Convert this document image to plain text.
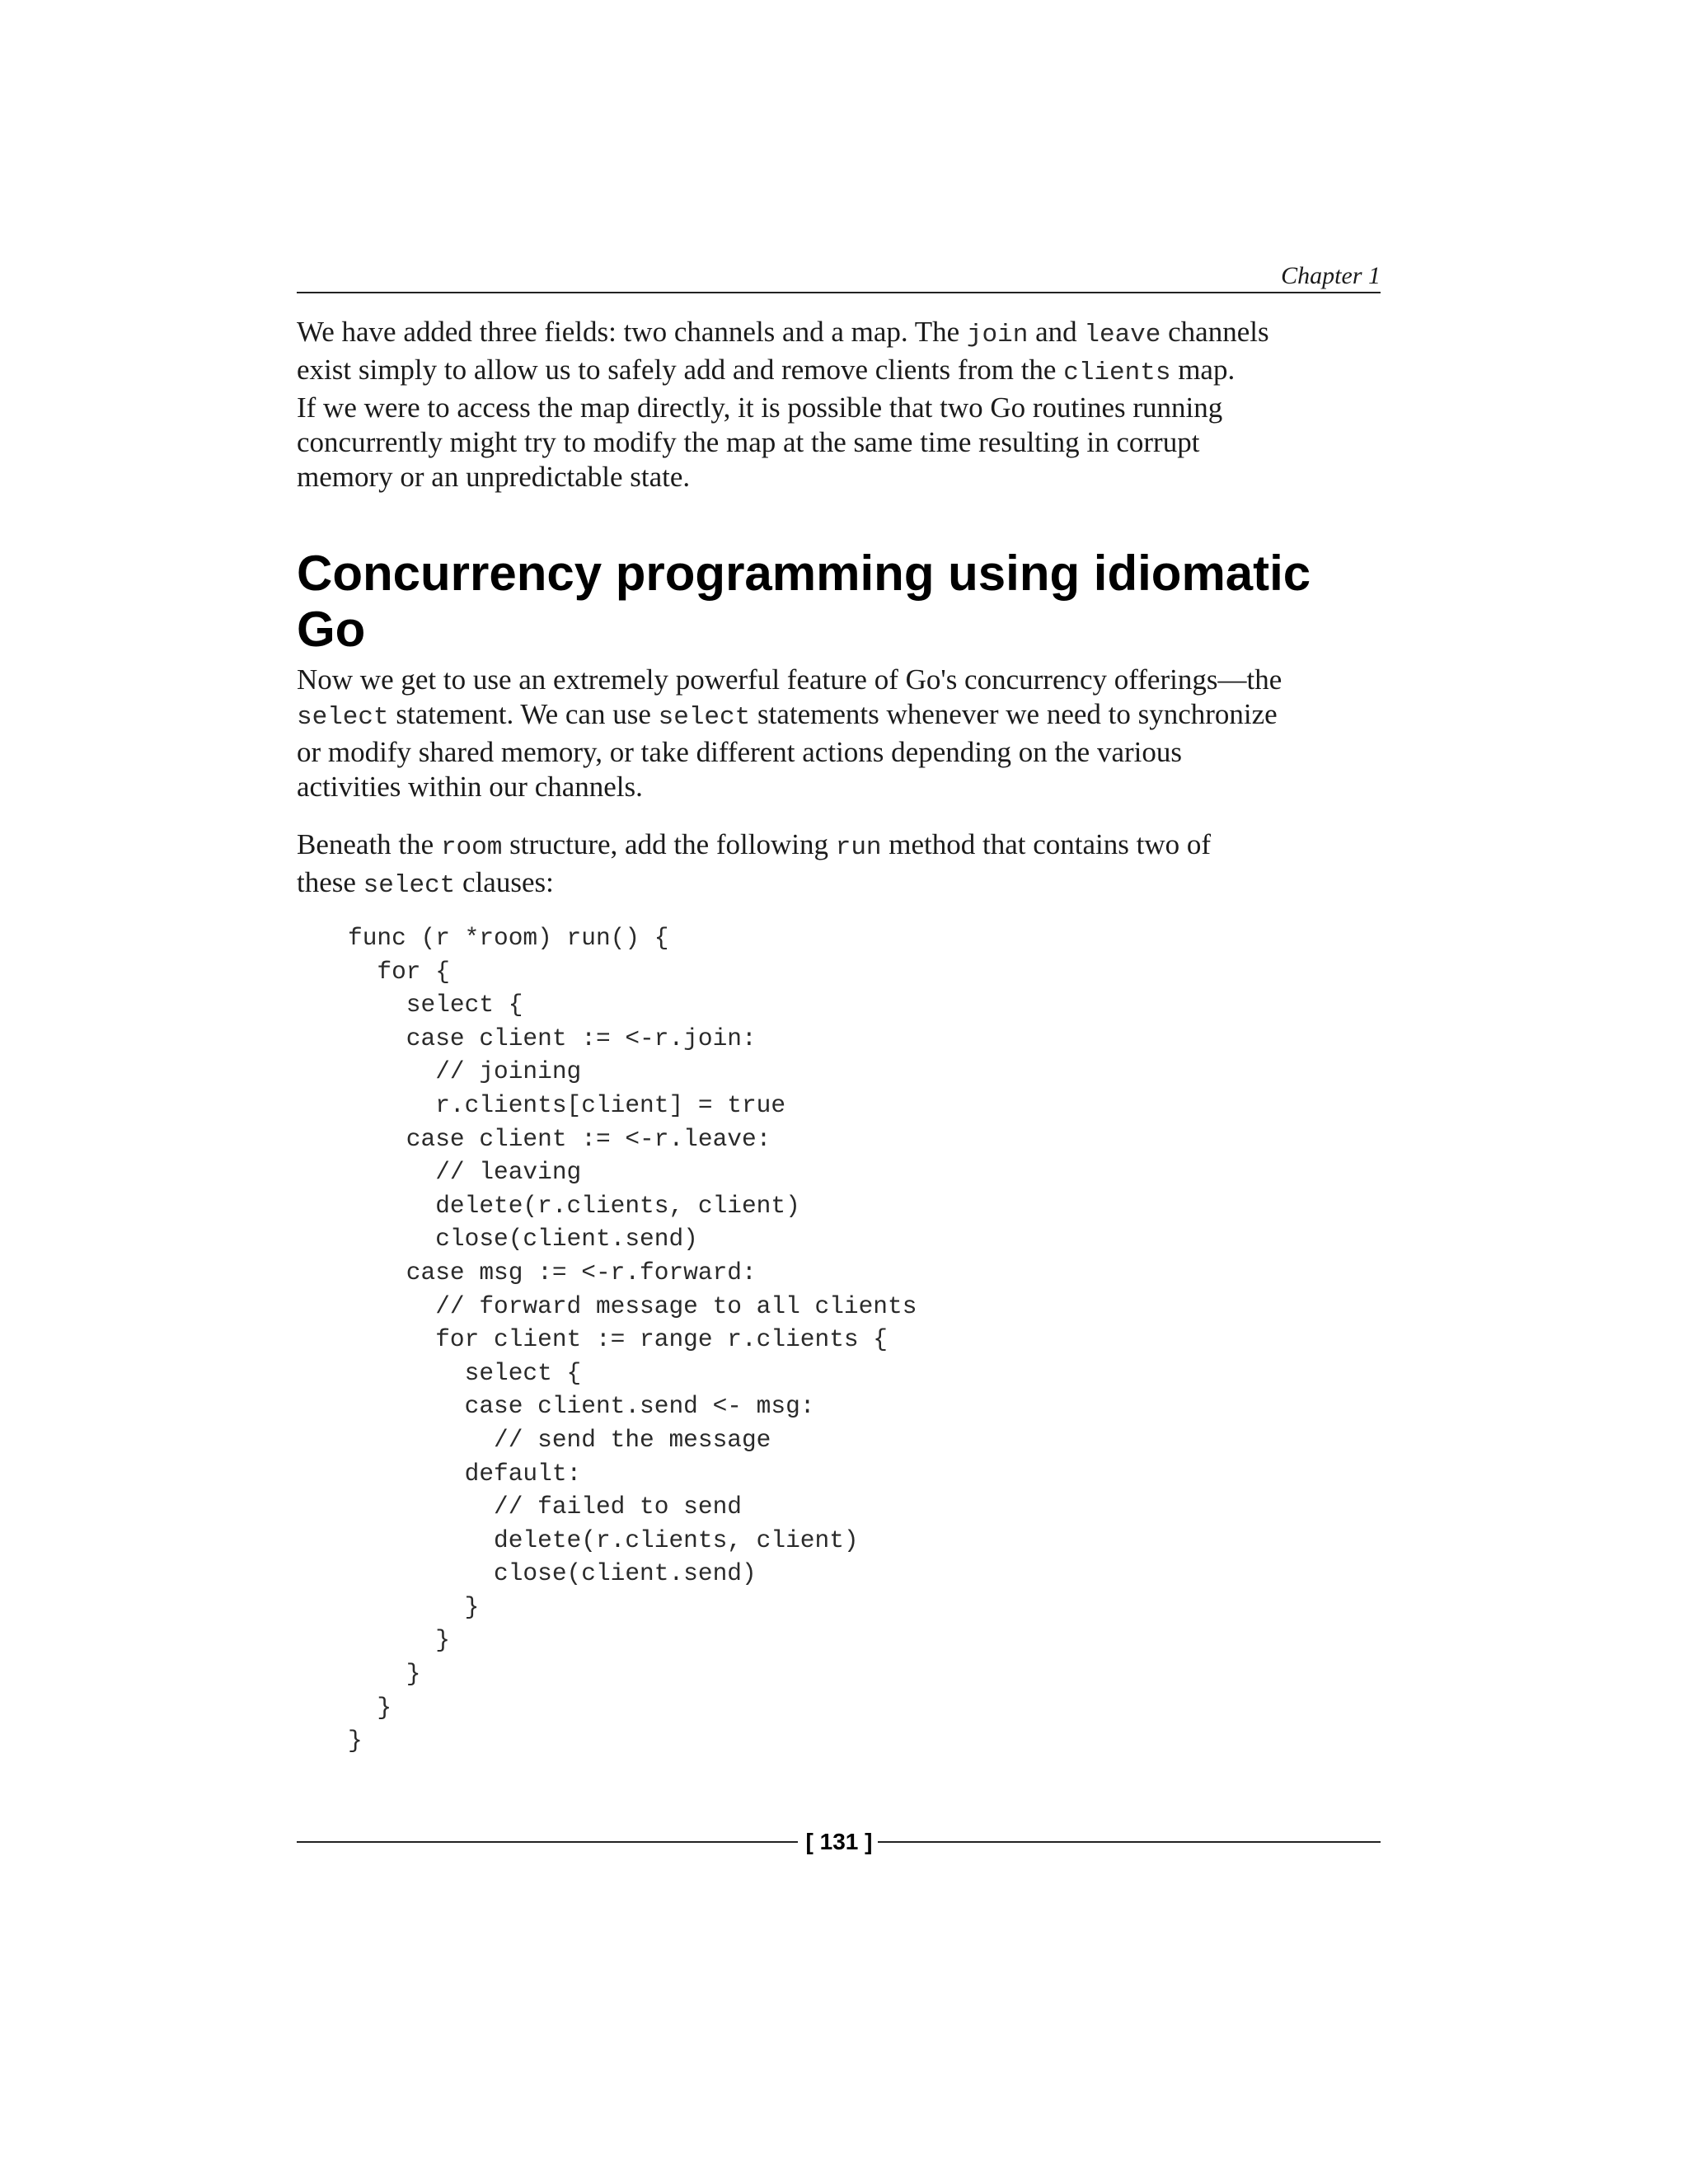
Chapter 1

We have added three fields: two channels and a map. The join and leave channels

exist simply to allow us to safely add and remove clients from the clients map.

If we were to access the map directly, it is possible that two Go routines running

concurrently might try to modify the map at the same time resulting in corrupt

memory or an unpredictable state.

Concurrency programming using idiomatic
Go

Now we get to use an extremely powerful feature of Go's concurrency offerings—the

select statement. We can use select statements whenever we need to synchronize

or modify shared memory, or take different actions depending on the various

activities within our channels.

Beneath the room structure, add the following run method that contains two of

these select clauses:

func (r *room) run() {
for {
select {
case client := <-r.join:
// joining
r.clients[client] = true
case client := <-r.leave:
// leaving
delete(r.clients, client)
close(client.send)
case msg := <-r.forward:
// forward message to all clients
for client := range r.clients {
select {
case client.send <- msg:
// send the message
default:
// failed to send
delete(r.clients, client)
close(client.send)
}
}
}
}
}
[ 131 ]
